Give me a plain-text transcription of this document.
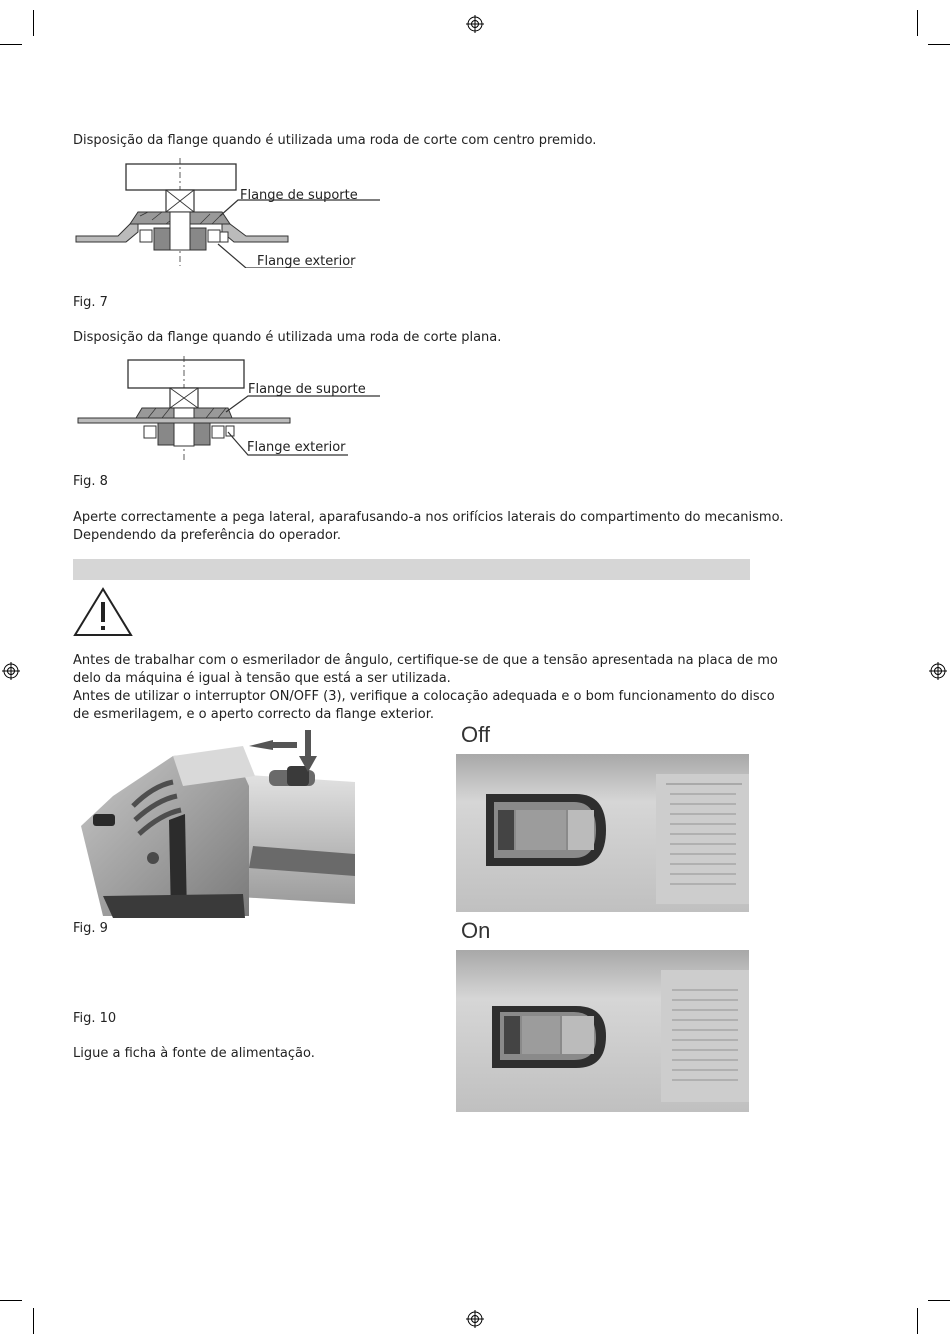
Disposição da flange quando é utilizada uma roda de corte com centro premido.
Flange de suporte
Flange exterior
Fig. 7
Disposição da flange quando é utilizada uma roda de corte plana.
Flange de suporte
Flange exterior
Fig. 8
Aperte correctamente a pega lateral, aparafusando-a nos orifícios laterais do compartimento do mecanismo.
Dependendo da preferência do operador.
Antes de trabalhar com o esmerilador de ângulo, certifique-se de que a tensão apresentada na placa de mo
delo da máquina é igual à tensão que está a ser utilizada.
Antes de utilizar o interruptor ON/OFF (3), verifique a colocação adequada e o bom funcionamento do disco
de esmerilagem, e o aperto correcto da flange exterior.
Fig. 9
Off
On
Fig. 10
Ligue a ficha à fonte de alimentação.
